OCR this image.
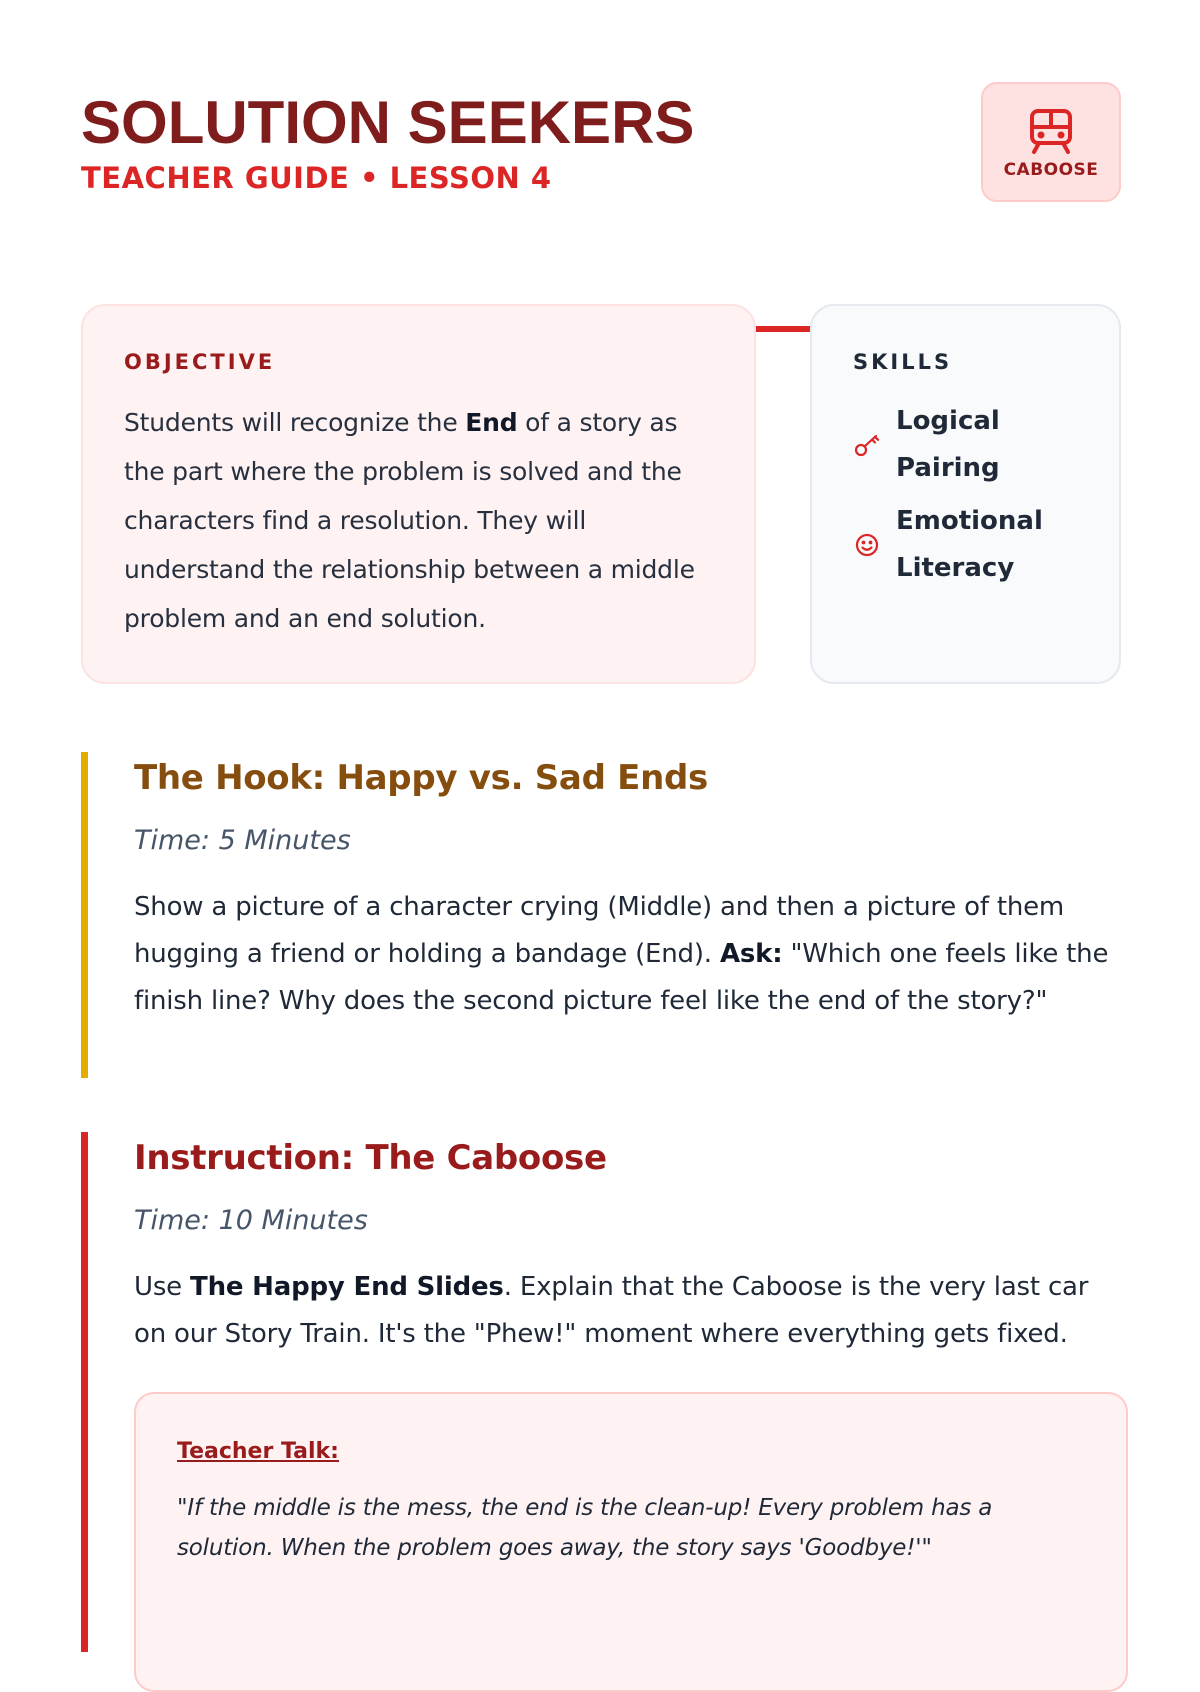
SOLUTION SEEKERS

TEACHER GUIDE • LESSON 4	CABOOSE
OBJECTIVE

Students will recognize the End of a story as the part where the problem is solved and the characters find a resolution. They will understand the relationship between a middle problem and an end solution.

SKILLS
Logical Pairing
Emotional Literacy
The Hook: Happy vs. Sad Ends

Time: 5 Minutes

Show a picture of a character crying (Middle) and then a picture of them hugging a friend or holding a bandage (End). Ask: "Which one feels like the finish line? Why does the second picture feel like the end of the story?"

Instruction: The Caboose

Time: 10 Minutes

Use The Happy End Slides. Explain that the Caboose is the very last car on our Story Train. It's the "Phew!" moment where everything gets fixed.

Teacher Talk:

"If the middle is the mess, the end is the clean-up! Every problem has a solution. When the problem goes away, the story says 'Goodbye!'"
